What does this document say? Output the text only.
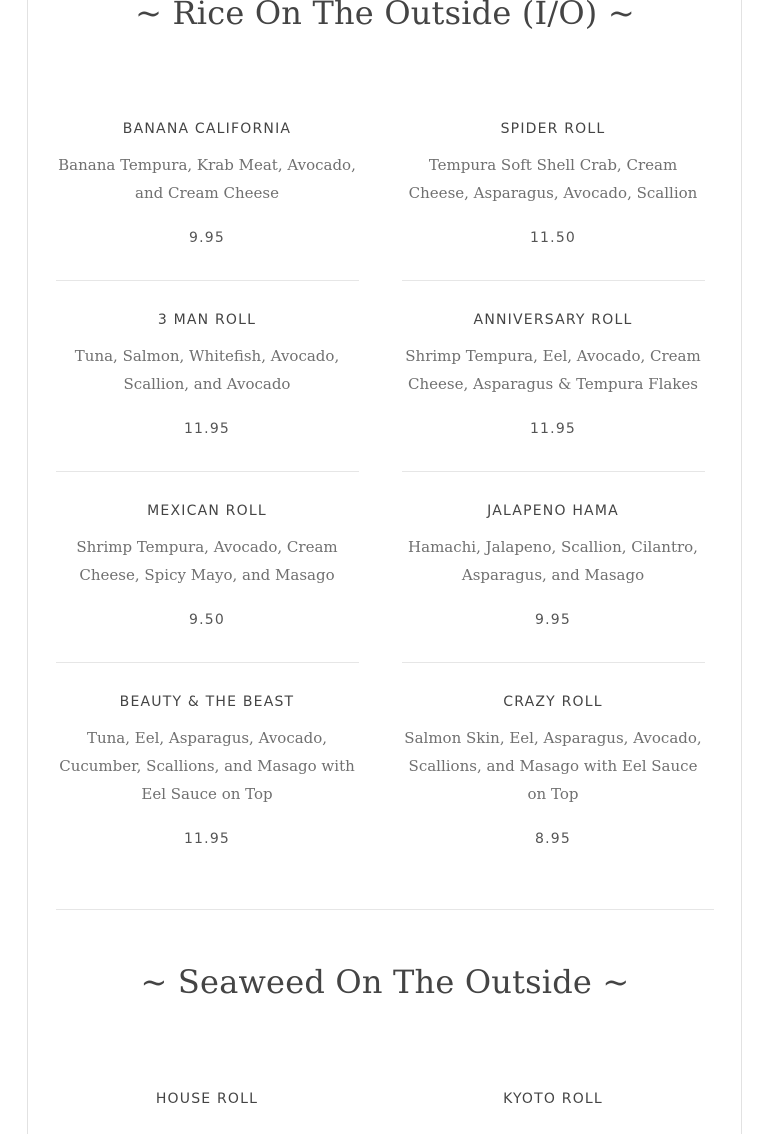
~ Rice On The Outside (I/O) ~
BANANA CALIFORNIA
Banana Tempura, Krab Meat, Avocado, and Cream Cheese
9.95
SPIDER ROLL
Tempura Soft Shell Crab, Cream Cheese, Asparagus, Avocado, Scallion
11.50
3 MAN ROLL
Tuna, Salmon, Whitefish, Avocado, Scallion, and Avocado
11.95
ANNIVERSARY ROLL
Shrimp Tempura, Eel, Avocado, Cream Cheese, Asparagus & Tempura Flakes
11.95
MEXICAN ROLL
Shrimp Tempura, Avocado, Cream Cheese, Spicy Mayo, and Masago
9.50
JALAPENO HAMA
Hamachi, Jalapeno, Scallion, Cilantro, Asparagus, and Masago
9.95
BEAUTY & THE BEAST
Tuna, Eel, Asparagus, Avocado, Cucumber, Scallions, and Masago with Eel Sauce on Top
11.95
CRAZY ROLL
Salmon Skin, Eel, Asparagus, Avocado, Scallions, and Masago with Eel Sauce on Top
8.95
~ Seaweed On The Outside ~
HOUSE ROLL	KYOTO ROLL
